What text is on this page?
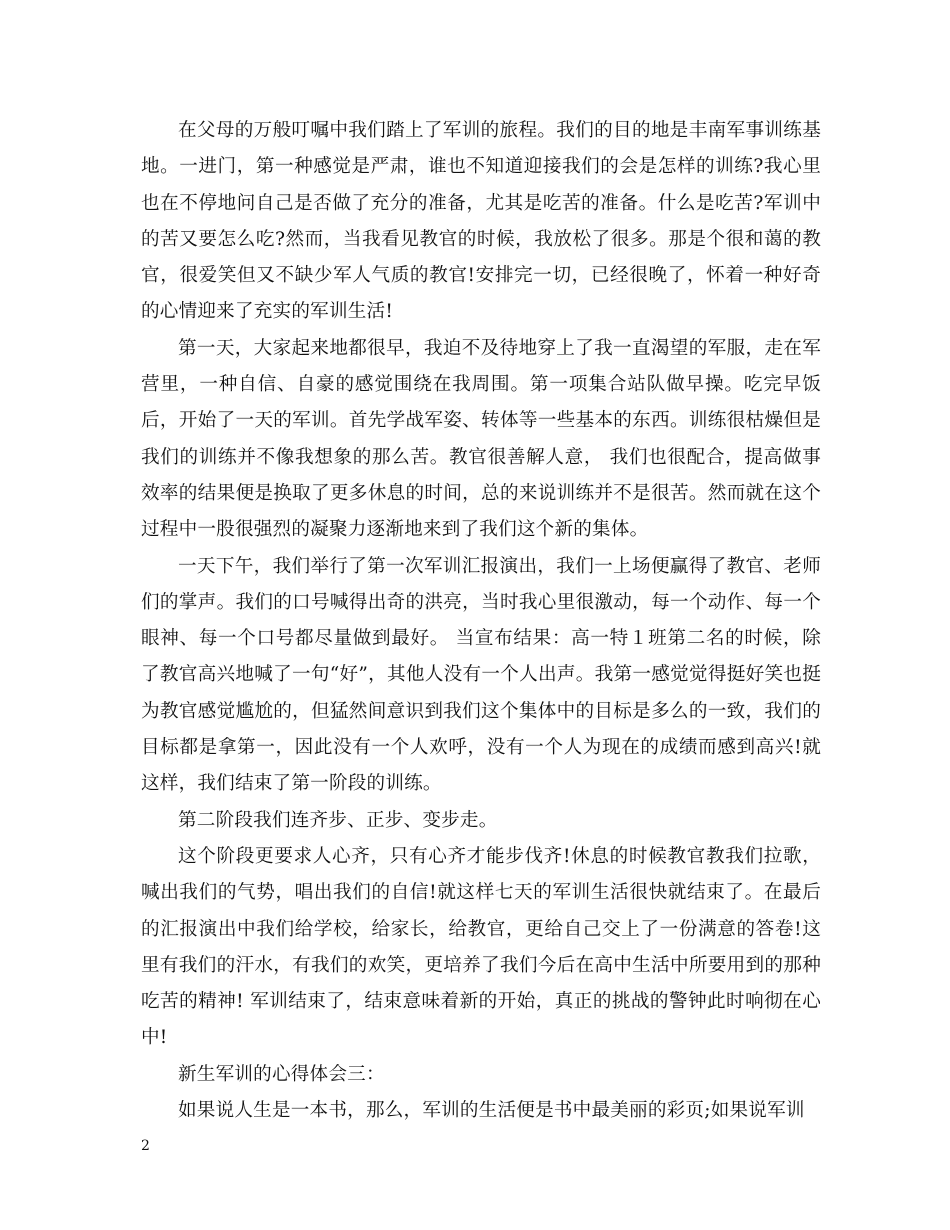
在父母的万般叮嘱中我们踏上了军训的旅程。我们的目的地是丰南军事训练基地。一进门，第一种感觉是严肃，谁也不知道迎接我们的会是怎样的训练?我心里也在不停地问自己是否做了充分的准备，尤其是吃苦的准备。什么是吃苦?军训中的苦又要怎么吃?然而，当我看见教官的时候，我放松了很多。那是个很和蔼的教官，很爱笑但又不缺少军人气质的教官!安排完一切，已经很晚了，怀着一种好奇的心情迎来了充实的军训生活!

第一天，大家起来地都很早，我迫不及待地穿上了我一直渴望的军服，走在军营里，一种自信、自豪的感觉围绕在我周围。第一项集合站队做早操。吃完早饭后，开始了一天的军训。首先学战军姿、转体等一些基本的东西。训练很枯燥但是我们的训练并不像我想象的那么苦。教官很善解人意， 我们也很配合，提高做事效率的结果便是换取了更多休息的时间，总的来说训练并不是很苦。然而就在这个过程中一股很强烈的凝聚力逐渐地来到了我们这个新的集体。

一天下午，我们举行了第一次军训汇报演出，我们一上场便赢得了教官、老师们的掌声。我们的口号喊得出奇的洪亮，当时我心里很激动，每一个动作、每一个眼神、每一个口号都尽量做到最好。 当宣布结果：高一特１班第二名的时候，除了教官高兴地喊了一句“好”，其他人没有一个人出声。我第一感觉觉得挺好笑也挺为教官感觉尴尬的，但猛然间意识到我们这个集体中的目标是多么的一致，我们的目标都是拿第一，因此没有一个人欢呼，没有一个人为现在的成绩而感到高兴!就这样，我们结束了第一阶段的训练。

第二阶段我们连齐步、正步、变步走。

这个阶段更要求人心齐，只有心齐才能步伐齐!休息的时候教官教我们拉歌，喊出我们的气势，唱出我们的自信!就这样七天的军训生活很快就结束了。在最后的汇报演出中我们给学校，给家长，给教官，更给自己交上了一份满意的答卷!这里有我们的汗水，有我们的欢笑，更培养了我们今后在高中生活中所要用到的那种吃苦的精神! 军训结束了，结束意味着新的开始，真正的挑战的警钟此时响彻在心中!

新生军训的心得体会三：

如果说人生是一本书，那么，军训的生活便是书中最美丽的彩页;如果说军训

2
